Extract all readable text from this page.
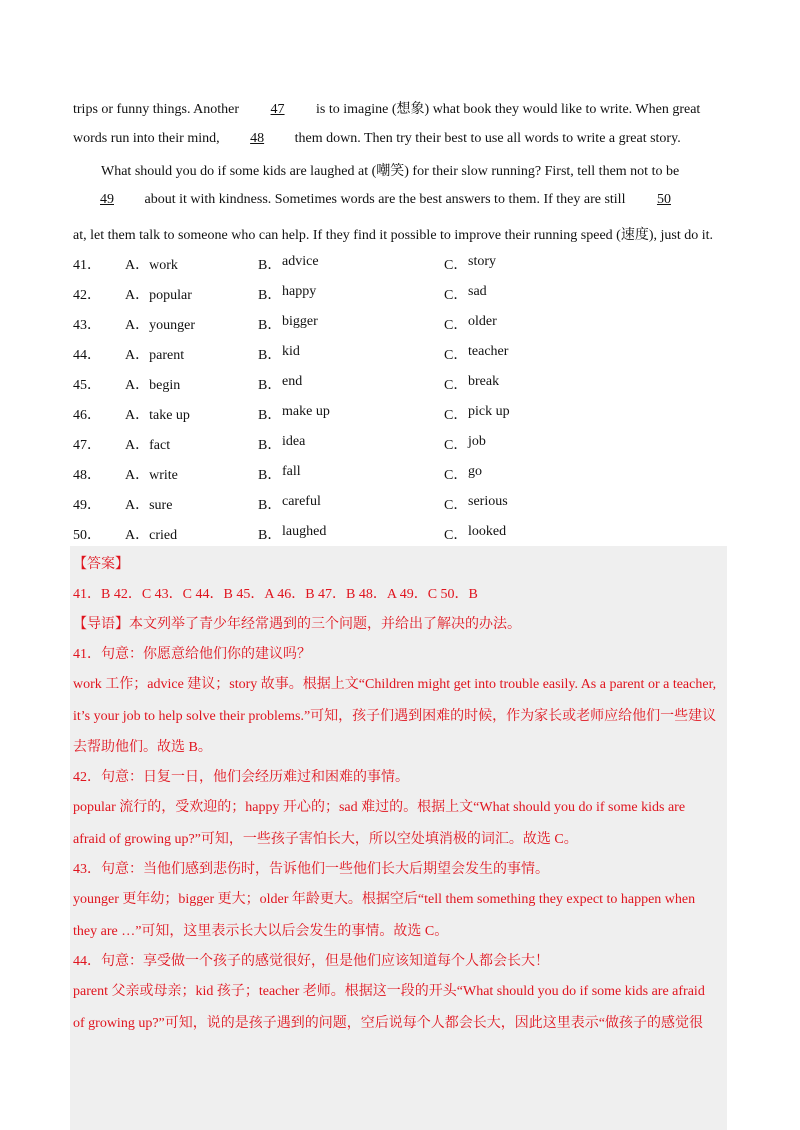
trips or funny things. Another 47 is to imagine (想象) what book they would like to write. When great
words run into their mind, 48 them down. Then try their best to use all words to write a great story.
What should you do if some kids are laughed at (嘲笑) for their slow running? First, tell them not to be
49 about it with kindness. Sometimes words are the best answers to them. If they are still 50
at, let them talk to someone who can help. If they find it possible to improve their running speed (速度), just do it.
41． A．work	B． advice	C． story
42． A．popular	B． happy	C． sad
43． A．younger	B． bigger	C． older
44． A．parent	B． kid	C． teacher
45． A．begin	B． end	C． break
46． A．take up	B． make up	C． pick up
47． A．fact	B． idea	C． job
48． A．write	B． fall	C． go
49． A．sure	B． careful	C． serious
50． A．cried	B． laughed	C． looked
【答案】
41．B 42．C 43．C 44．B 45．A 46．B 47．B 48．A 49．C 50．B
【导语】本文列举了青少年经常遇到的三个问题，并给出了解决的办法。
41．句意：你愿意给他们你的建议吗？
work 工作；advice 建议；story 故事。根据上文“Children might get into trouble easily. As a parent or a teacher,
it’s your job to help solve their problems.”可知，孩子们遇到困难的时候，作为家长或老师应给他们一些建议
去帮助他们。故选 B。
42．句意：日复一日，他们会经历难过和困难的事情。
popular 流行的，受欢迎的；happy 开心的；sad 难过的。根据上文“What should you do if some kids are
afraid of growing up?”可知，一些孩子害怕长大，所以空处填消极的词汇。故选 C。
43．句意：当他们感到悲伤时，告诉他们一些他们长大后期望会发生的事情。
younger 更年幼；bigger 更大；older 年龄更大。根据空后“tell them something they expect to happen when
they are …”可知，这里表示长大以后会发生的事情。故选 C。
44．句意：享受做一个孩子的感觉很好，但是他们应该知道每个人都会长大！
parent 父亲或母亲；kid 孩子；teacher 老师。根据这一段的开头“What should you do if some kids are afraid
of growing up?”可知，说的是孩子遇到的问题，空后说每个人都会长大，因此这里表示“做孩子的感觉很
